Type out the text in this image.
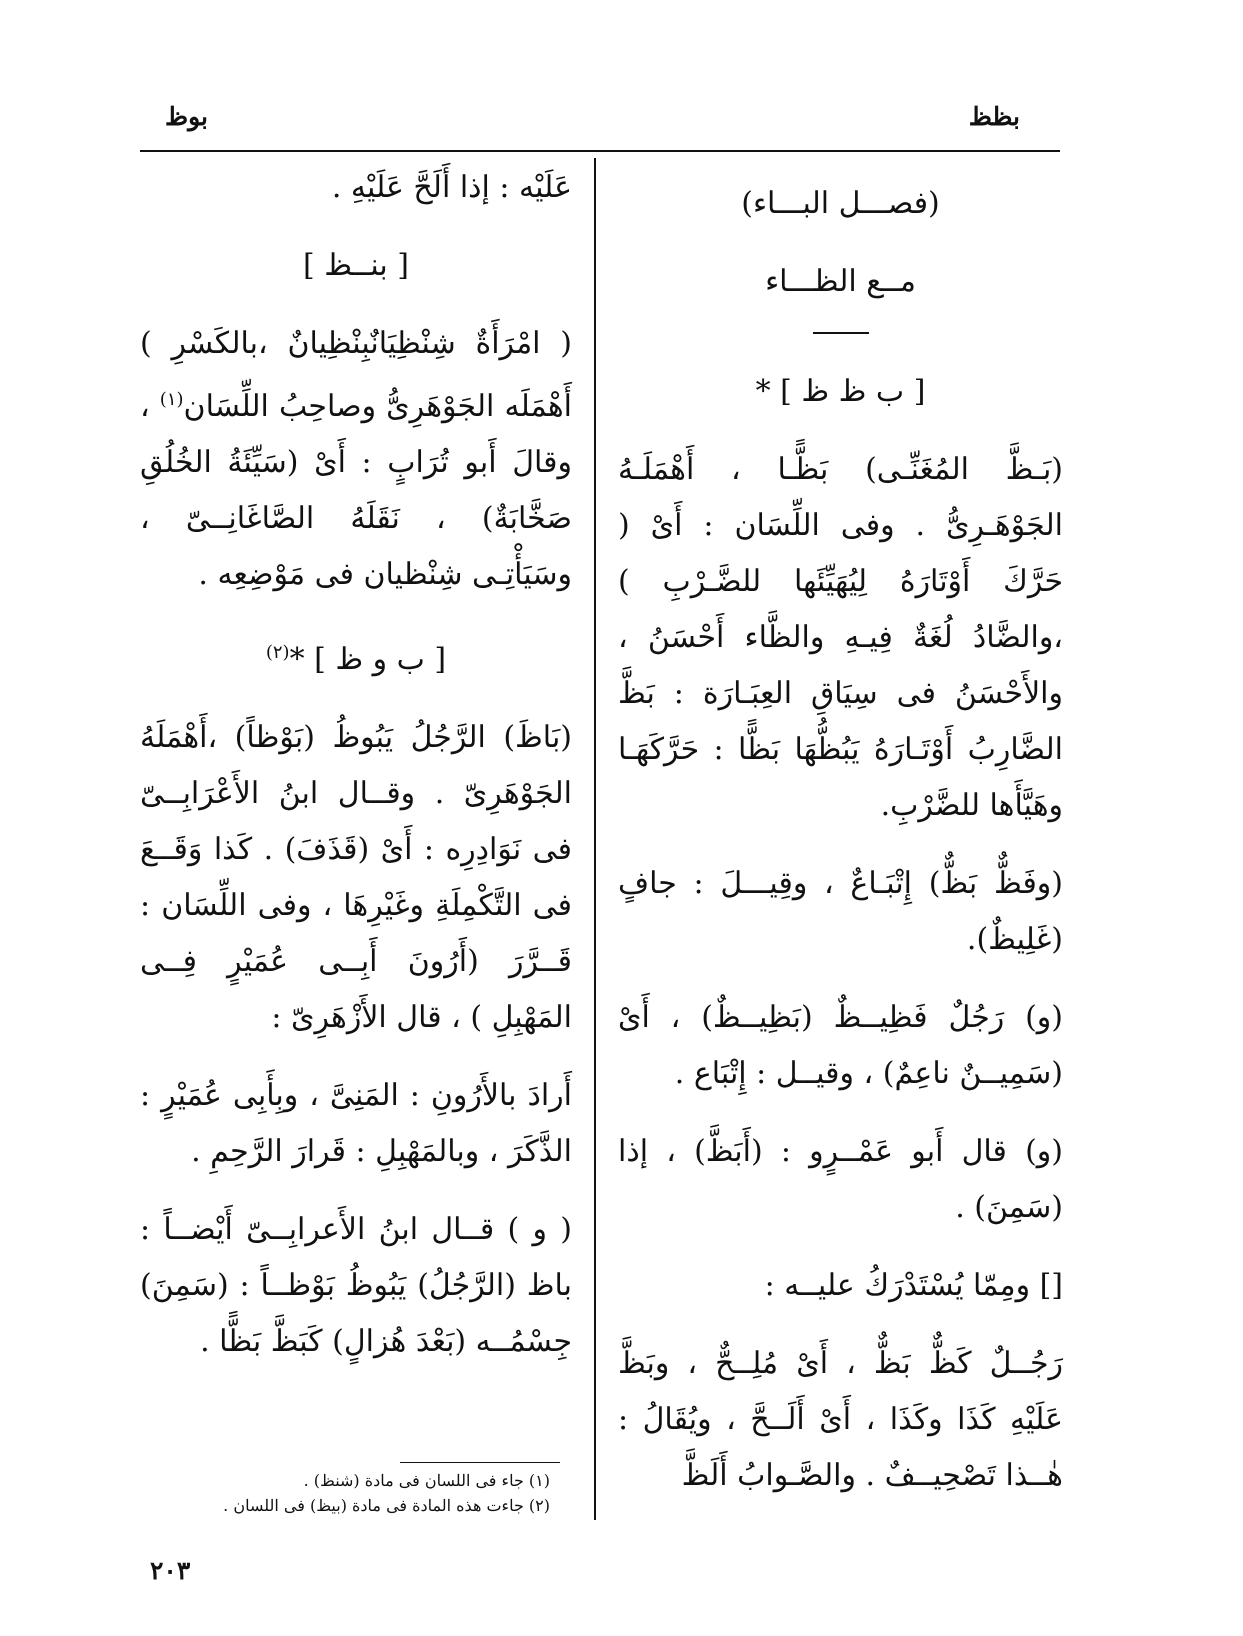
بظظ
بوظ

(فصـــل البـــاء)

مــع الظـــاء

[ ب ظ ظ ] *

(بَـظَّ المُغَنِّـى) بَظًّـا ، أَهْمَلَـهُ الجَوْهَـرِىُّ . وفى اللِّسَان : أَىْ ( حَرَّكَ أَوْتَارَهُ لِيُهَيِّئَها للضَّـرْبِ ) ،والضَّادُ لُغَةٌ فِيـهِ والظَّاء أَحْسَنُ ، والأَحْسَنُ فى سِيَاقِ العِبَـارَة : بَظَّ الضَّارِبُ أَوْتَـارَهُ يَبُظُّهَا بَظًّا : حَرَّكَهَـا وهَيَّأَها للضَّرْبِ.

(وفَظٌّ بَظٌّ) إِتْبَـاعٌ ، وقِيـــلَ : جافٍ (غَلِيظٌ).

(و) رَجُلٌ فَظِيــظٌ (بَظِيــظٌ) ، أَىْ (سَمِيــنٌ ناعِمٌ) ، وقيــل : إِتْبَاع .

(و) قال أَبو عَمْــرٍو : (أَبَظَّ) ، إذا (سَمِنَ) .

[] ومِمّا يُسْتَدْرَكُ عليــه :

رَجُــلٌ كَظٌّ بَظٌّ ، أَىْ مُلِــحٌّ ، وبَظَّ عَلَيْهِ كَذَا وكَذَا ، أَىْ أَلَــحَّ ، ويُقَالُ : هٰــذا تَصْحِيــفٌ . والصَّـوابُ أَلَظَّ

عَلَيْه : إذا أَلَحَّ عَلَيْهِ .

[ بنــظ ]

( امْرَأَةٌ شِنْظِيَانٌبِنْظِيانٌ ،بالكَسْرِ ) أَهْمَلَه الجَوْهَرِىُّ وصاحِبُ اللِّسَان$^{(١)}$ ، وقالَ أَبو تُرَابٍ : أَىْ (سَيِّئَةُ الخُلُقِ صَخَّابَةٌ) ، نَقَلَهُ الصَّاغَانِــىّ ، وسَيَأْتِـى شِنْظيان فى مَوْضِعِه .

[ ب و ظ ] *$^{(٢)}$

(بَاظَ) الرَّجُلُ يَبُوظُ (بَوْظاً) ،أَهْمَلَهُ الجَوْهَرِىّ . وقــال ابنُ الأَعْرَابِــىّ فى نَوَادِرِه : أَىْ (قَذَفَ) . كَذا وَقَــعَ فى التَّكْمِلَةِ وغَيْرِهَا ، وفى اللِّسَان : قَــرَّرَ (أَرُونَ أَبِــى عُمَيْرٍ فِــى المَهْبِلِ ) ، قال الأَزْهَرِىّ :

أَرادَ بالأَرُونِ : المَنِىَّ ، وبِأَبِى عُمَيْرٍ : الذَّكَرَ ، وبالمَهْبِلِ : قَرارَ الرَّحِمِ .

( و ) قــال ابنُ الأَعرابِــىّ أَيْضــاً : باظ (الرَّجُلُ) يَبُوظُ بَوْظــاً : (سَمِنَ) جِسْمُــه (بَعْدَ هُزالٍ) كَبَظَّ بَظًّا .

(١) جاء فى اللسان فى مادة (شنظ) .
(٢) جاءت هذه المادة فى مادة (بيظ) فى اللسان .
٢٠٣
